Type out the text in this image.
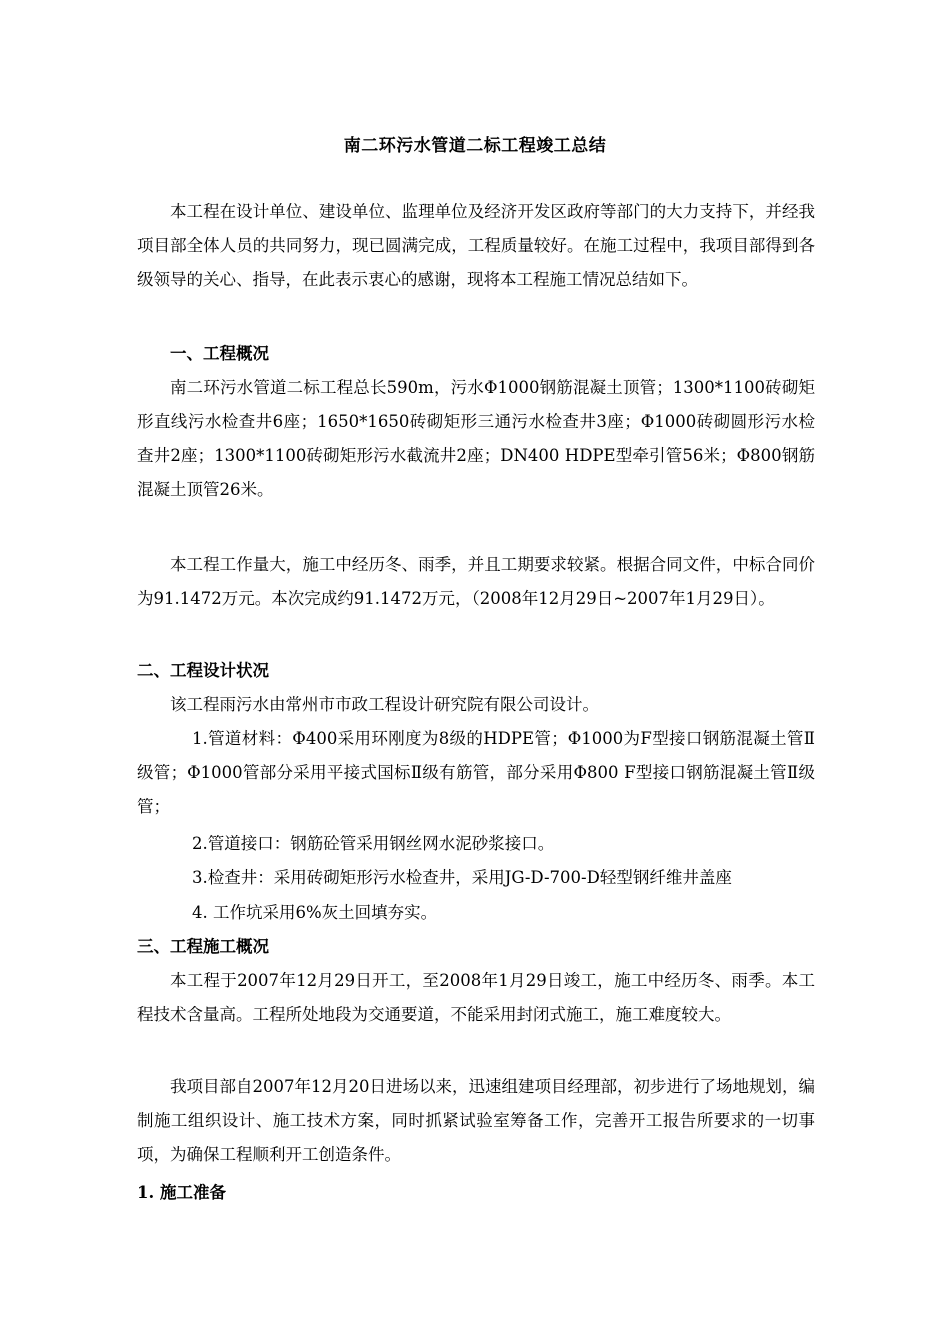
南二环污水管道二标工程竣工总结
本工程在设计单位、建设单位、监理单位及经济开发区政府等部门的大力支持下，并经我项目部全体人员的共同努力，现已圆满完成，工程质量较好。在施工过程中，我项目部得到各级领导的关心、指导，在此表示衷心的感谢，现将本工程施工情况总结如下。
一、工程概况
南二环污水管道二标工程总长590m，污水Φ1000钢筋混凝土顶管；1300*1100砖砌矩形直线污水检查井6座；1650*1650砖砌矩形三通污水检查井3座；Φ1000砖砌圆形污水检查井2座；1300*1100砖砌矩形污水截流井2座；DN400 HDPE型牵引管56米；Φ800钢筋混凝土顶管26米。
本工程工作量大，施工中经历冬、雨季，并且工期要求较紧。根据合同文件，中标合同价为91.1472万元。本次完成约91.1472万元，（2008年12月29日~2007年1月29日）。
二、工程设计状况
该工程雨污水由常州市市政工程设计研究院有限公司设计。
1.管道材料：Φ400采用环刚度为8级的HDPE管；Φ1000为F型接口钢筋混凝土管Ⅱ级管；Φ1000管部分采用平接式国标Ⅱ级有筋管，部分采用Φ800 F型接口钢筋混凝土管Ⅱ级管；
2.管道接口：钢筋砼管采用钢丝网水泥砂浆接口。
3.检查井：采用砖砌矩形污水检查井，采用JG-D-700-D轻型钢纤维井盖座
4. 工作坑采用6%灰土回填夯实。
三、工程施工概况
本工程于2007年12月29日开工，至2008年1月29日竣工，施工中经历冬、雨季。本工程技术含量高。工程所处地段为交通要道，不能采用封闭式施工，施工难度较大。
我项目部自2007年12月20日进场以来，迅速组建项目经理部，初步进行了场地规划，编制施工组织设计、施工技术方案，同时抓紧试验室筹备工作，完善开工报告所要求的一切事项，为确保工程顺利开工创造条件。
1. 施工准备
